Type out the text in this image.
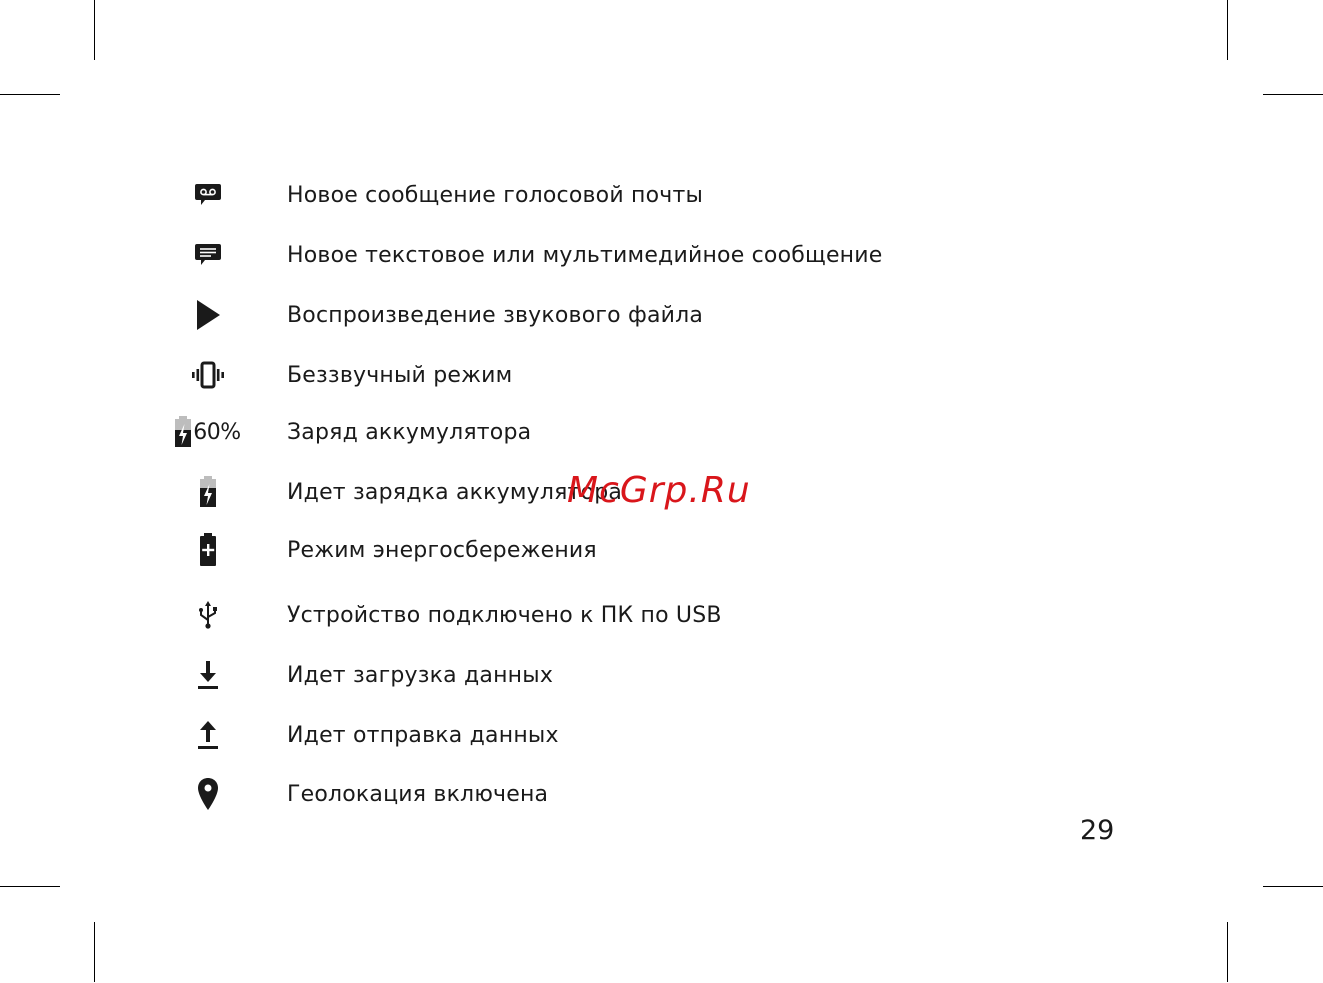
Новое сообщение голосовой почты
Новое текстовое или мультимедийное сообщение
Воспроизведение звукового файла
Беззвучный режим
60% Заряд аккумулятора
Идет зарядка аккумулятора
Режим энергосбережения
Устройство подключено к ПК по USB
Идет загрузка данных
Идет отправка данных
Геолокация включена
McGrp.Ru
29
